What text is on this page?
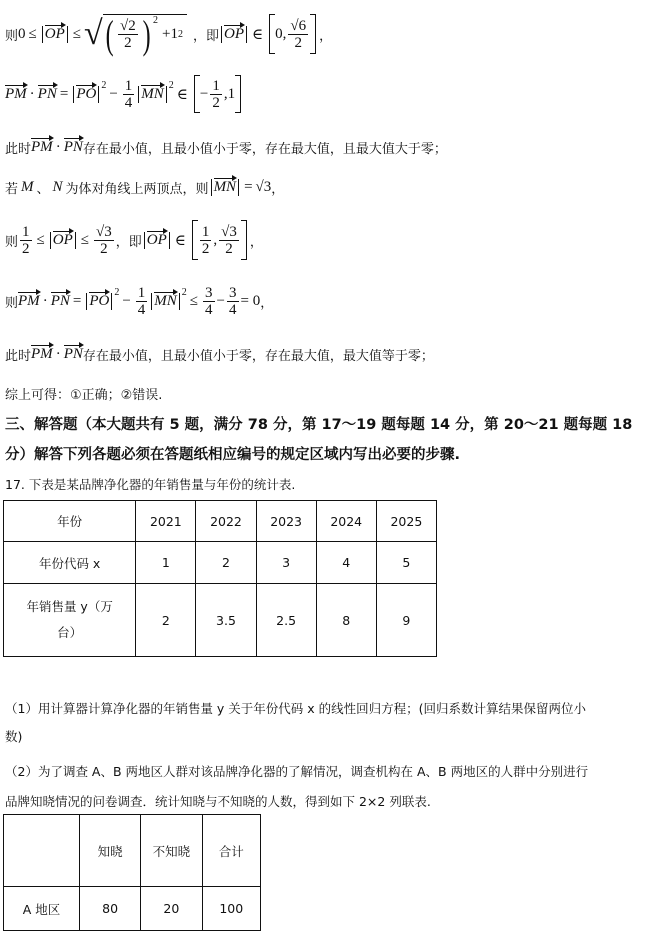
则 0 ≤ OP ≤ √ ( $\frac{√2}{2}$ ) 2
+1 2 ，即 OP ∈ 0, $\frac{√6}{2}$ ，
PM · PN = PO $2 - \frac{1}{4}$ MN 2
∈ − $\frac{1}{2} ,1$
此时 PM · PN 存在最小值，且最小值小于零，存在最大值，且最大值大于零；
若 M 、 N 为体对角线上两顶点，则 MN = √3 ，
则 $\frac{1}{2}$ ≤ OP ≤ $\frac{√3}{2}$ ，即 OP ∈ $\frac{1}{2}$ , $\frac{√3}{2}$ ，
则 PM · PN = PO $2 - \frac{1}{4}$ MN $2 \le \frac{3}{4} - \frac{3}{4} = 0$ ，
此时 PM · PN 存在最小值，且最小值小于零，存在最大值，最大值等于零；
综上可得：①正确；②错误.
三、解答题（本大题共有 5 题，满分 78 分，第 17～19 题每题 14 分，第 20～21 题每题 18
分）解答下列各题必须在答题纸相应编号的规定区域内写出必要的步骤.
17. 下表是某品牌净化器的年销售量与年份的统计表.
年份	2021	2022	2023	2024	2025
年份代码 x	1	2	3	4	5

年销售量 y（万
台）	2	3.5	2.5	8	9
（1）用计算器计算净化器的年销售量 y 关于年份代码 x 的线性回归方程；(回归系数计算结果保留两位小
数)
（2）为了调查 A、B 两地区人群对该品牌净化器的了解情况，调查机构在 A、B 两地区的人群中分别进行
品牌知晓情况的问卷调查．统计知晓与不知晓的人数，得到如下 2×2 列联表.
	知晓	不知晓	合计
A 地区	80	20	100
